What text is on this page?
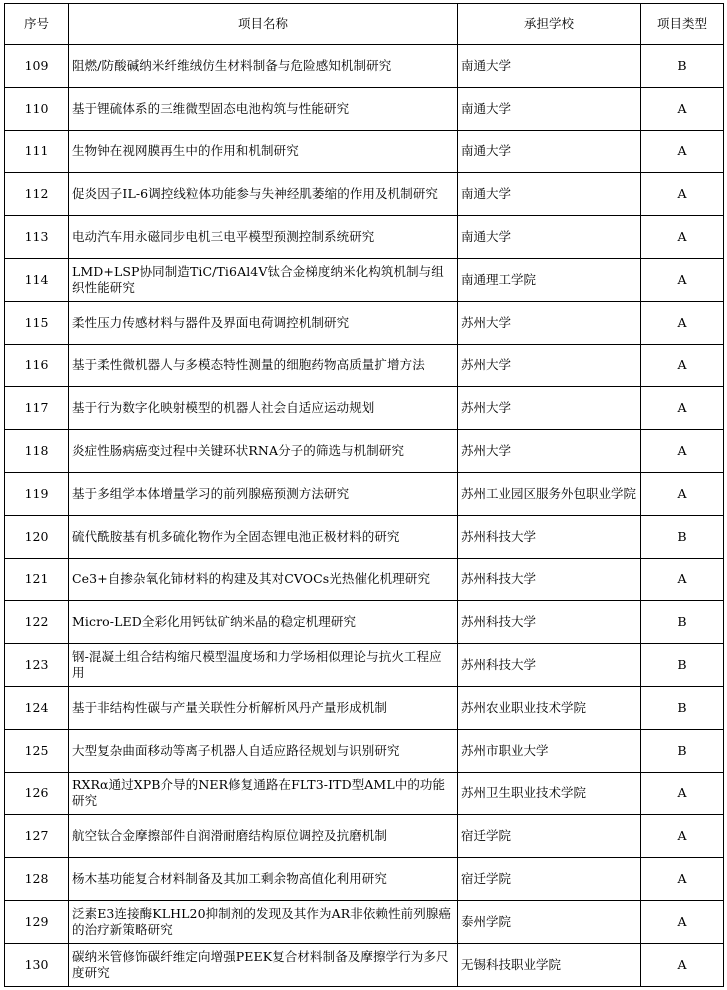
序号	项目名称	承担学校	项目类型
109	阻燃/防酸碱纳米纤维绒仿生材料制备与危险感知机制研究	南通大学	B
110	基于锂硫体系的三维微型固态电池构筑与性能研究	南通大学	A
111	生物钟在视网膜再生中的作用和机制研究	南通大学	A
112	促炎因子IL-6调控线粒体功能参与失神经肌萎缩的作用及机制研究	南通大学	A
113	电动汽车用永磁同步电机三电平模型预测控制系统研究	南通大学	A
114	LMD+LSP协同制造TiC/Ti6Al4V钛合金梯度纳米化构筑机制与组织性能研究	南通理工学院	A
115	柔性压力传感材料与器件及界面电荷调控机制研究	苏州大学	A
116	基于柔性微机器人与多模态特性测量的细胞药物高质量扩增方法	苏州大学	A
117	基于行为数字化映射模型的机器人社会自适应运动规划	苏州大学	A
118	炎症性肠病癌变过程中关键环状RNA分子的筛选与机制研究	苏州大学	A
119	基于多组学本体增量学习的前列腺癌预测方法研究	苏州工业园区服务外包职业学院	A
120	硫代酰胺基有机多硫化物作为全固态锂电池正极材料的研究	苏州科技大学	B
121	Ce3+自掺杂氧化铈材料的构建及其对CVOCs光热催化机理研究	苏州科技大学	A
122	Micro-LED全彩化用钙钛矿纳米晶的稳定机理研究	苏州科技大学	B
123	钢-混凝土组合结构缩尺模型温度场和力学场相似理论与抗火工程应用	苏州科技大学	B
124	基于非结构性碳与产量关联性分析解析风丹产量形成机制	苏州农业职业技术学院	B
125	大型复杂曲面移动等离子机器人自适应路径规划与识别研究	苏州市职业大学	B
126	RXRα通过XPB介导的NER修复通路在FLT3-ITD型AML中的功能研究	苏州卫生职业技术学院	A
127	航空钛合金摩擦部件自润滑耐磨结构原位调控及抗磨机制	宿迁学院	A
128	杨木基功能复合材料制备及其加工剩余物高值化利用研究	宿迁学院	A
129	泛素E3连接酶KLHL20抑制剂的发现及其作为AR非依赖性前列腺癌的治疗新策略研究	泰州学院	A
130	碳纳米管修饰碳纤维定向增强PEEK复合材料制备及摩擦学行为多尺度研究	无锡科技职业学院	A
